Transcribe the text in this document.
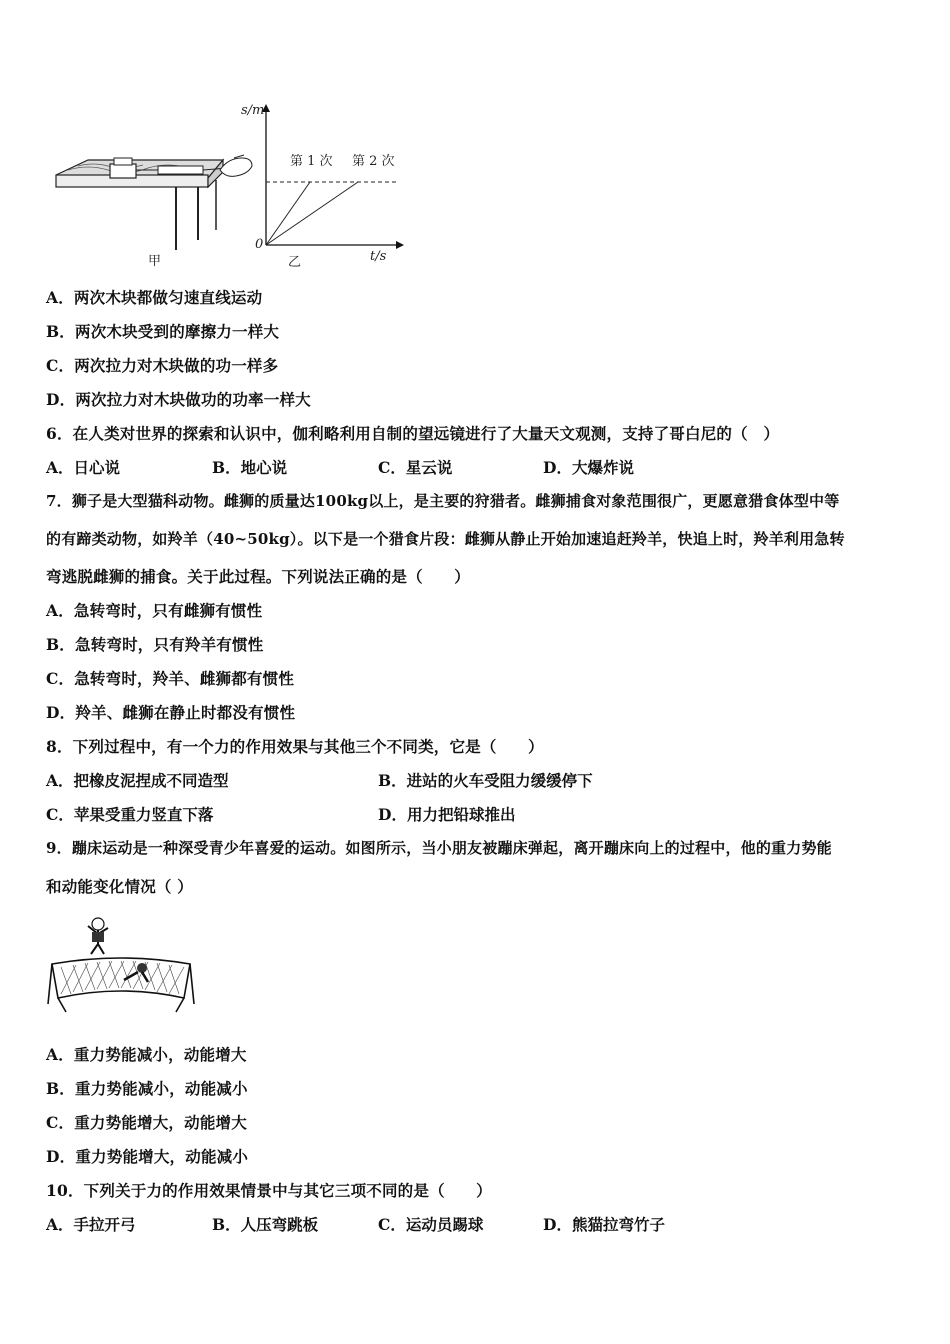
甲
s/m
t/s
0
第 1 次 第 2 次
乙
A．两次木块都做匀速直线运动
B．两次木块受到的摩擦力一样大
C．两次拉力对木块做的功一样多
D．两次拉力对木块做功的功率一样大
6．在人类对世界的探索和认识中，伽利略利用自制的望远镜进行了大量天文观测，支持了哥白尼的（　）
A．日心说	B．地心说	C．星云说	D．大爆炸说
7．狮子是大型猫科动物。雌狮的质量达100kg以上，是主要的狩猎者。雌狮捕食对象范围很广，更愿意猎食体型中等
的有蹄类动物，如羚羊（40~50kg）。以下是一个猎食片段：雌狮从静止开始加速追赶羚羊，快追上时，羚羊利用急转
弯逃脱雌狮的捕食。关于此过程。下列说法正确的是（　　）
A．急转弯时，只有雌狮有惯性
B．急转弯时，只有羚羊有惯性
C．急转弯时，羚羊、雌狮都有惯性
D．羚羊、雌狮在静止时都没有惯性
8．下列过程中，有一个力的作用效果与其他三个不同类，它是（　　）
A．把橡皮泥捏成不同造型	B．进站的火车受阻力缓缓停下
C．苹果受重力竖直下落	D．用力把铅球推出
9．蹦床运动是一种深受青少年喜爱的运动。如图所示，当小朋友被蹦床弹起，离开蹦床向上的过程中，他的重力势能
和动能变化情况（ ）
A．重力势能减小，动能增大
B．重力势能减小，动能减小
C．重力势能增大，动能增大
D．重力势能增大，动能减小
10．下列关于力的作用效果情景中与其它三项不同的是（　　）
A．手拉开弓	B．人压弯跳板	C．运动员踢球	D．熊猫拉弯竹子
